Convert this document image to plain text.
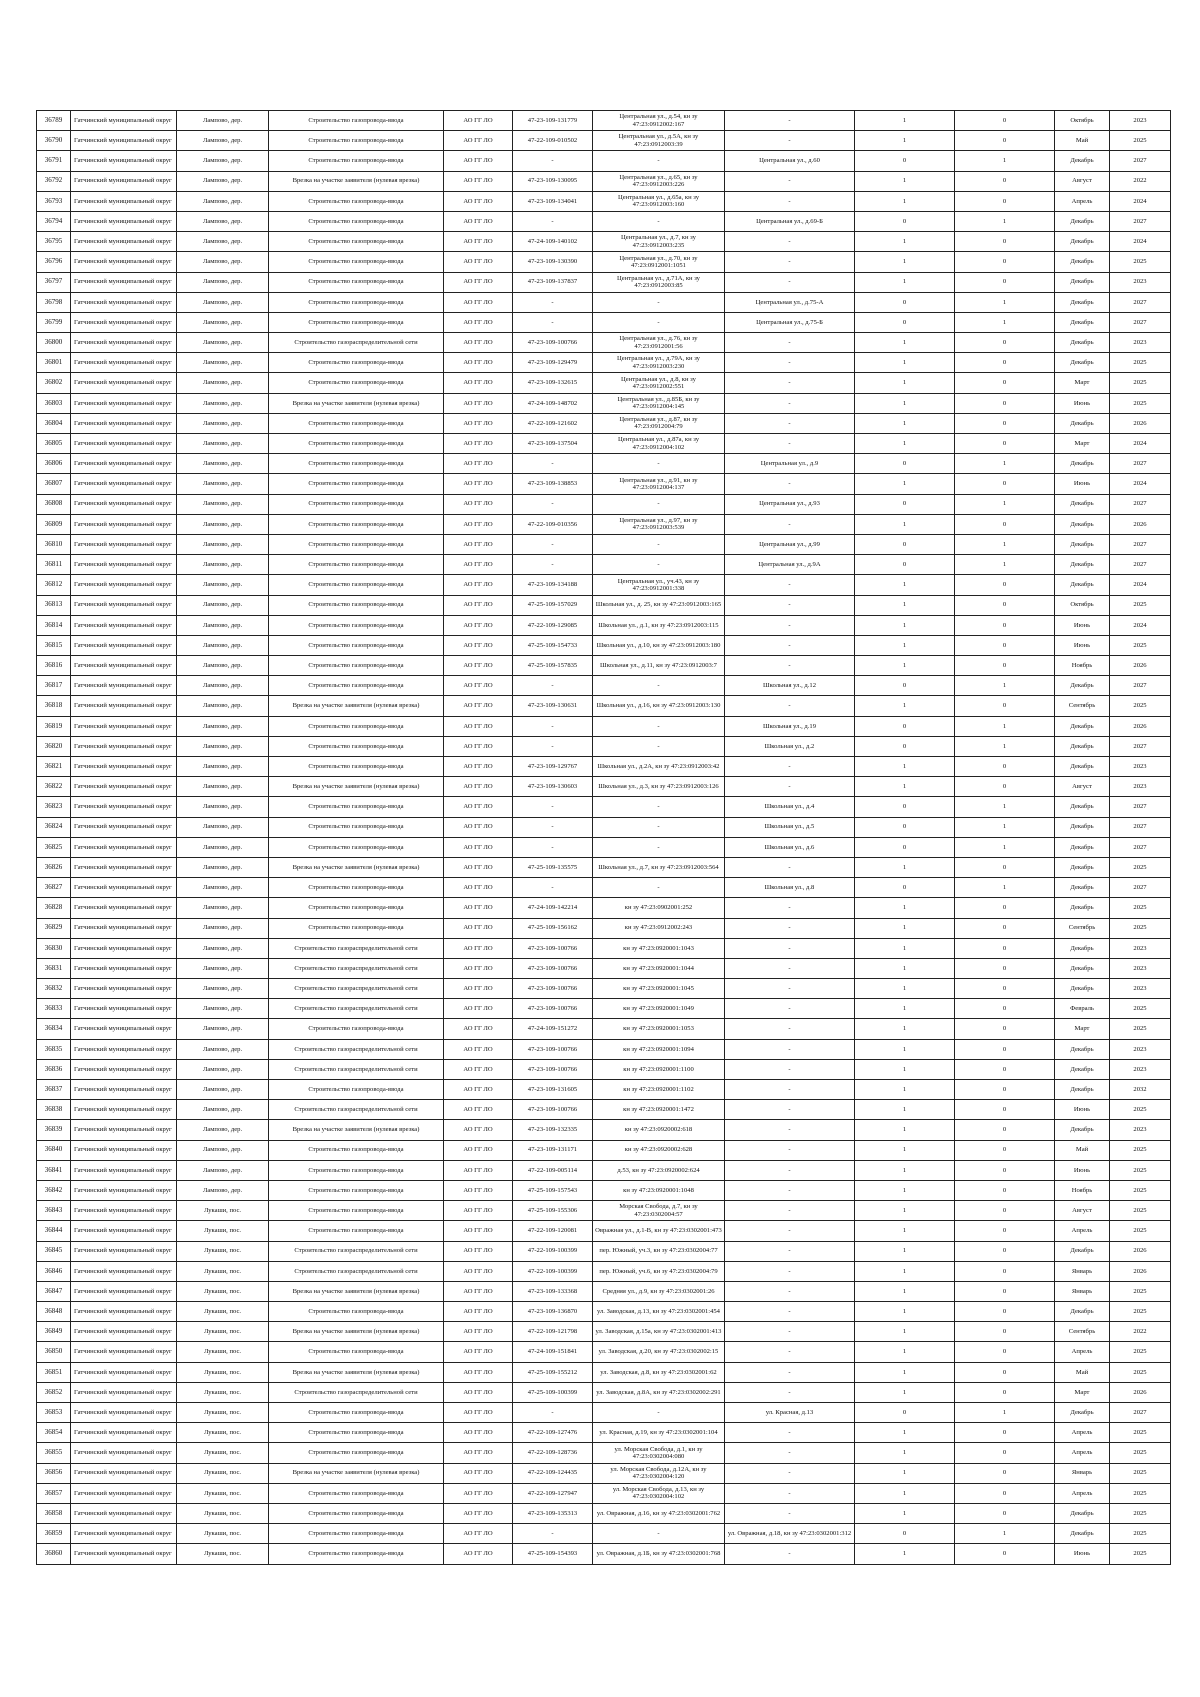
36789	Гатчинский муниципальный округ	Лампово, дер.	Строительство газопровода-ввода	АО ГГ ЛО	47-23-109-131779	Центральная ул., д.54, кн зу 47:23:0912002:167	-	1	0	Октябрь	2023
36790	Гатчинский муниципальный округ	Лампово, дер.	Строительство газопровода-ввода	АО ГГ ЛО	47-22-109-010502	Центральная ул., д.5А, кн зу 47:23:0912003:39	-	1	0	Май	2025
36791	Гатчинский муниципальный округ	Лампово, дер.	Строительство газопровода-ввода	АО ГГ ЛО	-	-	Центральная ул., д.60	0	1	Декабрь	2027
36792	Гатчинский муниципальный округ	Лампово, дер.	Врезка на участке заявителя (нулевая врезка)	АО ГГ ЛО	47-23-109-130095	Центральная ул., д.65, кн зу 47:23:0912003:226	-	1	0	Август	2022
36793	Гатчинский муниципальный округ	Лампово, дер.	Строительство газопровода-ввода	АО ГГ ЛО	47-23-109-134041	Центральная ул., д.65а, кн зу 47:23:0912003:160	-	1	0	Апрель	2024
36794	Гатчинский муниципальный округ	Лампово, дер.	Строительство газопровода-ввода	АО ГГ ЛО	-	-	Центральная ул., д.69-Б	0	1	Декабрь	2027
36795	Гатчинский муниципальный округ	Лампово, дер.	Строительство газопровода-ввода	АО ГГ ЛО	47-24-109-140102	Центральная ул., д.7, кн зу 47:23:0912003:235	-	1	0	Декабрь	2024
36796	Гатчинский муниципальный округ	Лампово, дер.	Строительство газопровода-ввода	АО ГГ ЛО	47-23-109-130390	Центральная ул., д.70, кн зу 47:23:0912001:1051	-	1	0	Декабрь	2025
36797	Гатчинский муниципальный округ	Лампово, дер.	Строительство газопровода-ввода	АО ГГ ЛО	47-23-109-137837	Центральная ул., д.71А, кн зу 47:23:0912003:85	-	1	0	Декабрь	2023
36798	Гатчинский муниципальный округ	Лампово, дер.	Строительство газопровода-ввода	АО ГГ ЛО	-	-	Центральная ул., д.75-А	0	1	Декабрь	2027
36799	Гатчинский муниципальный округ	Лампово, дер.	Строительство газопровода-ввода	АО ГГ ЛО	-	-	Центральная ул., д.75-Б	0	1	Декабрь	2027
36800	Гатчинский муниципальный округ	Лампово, дер.	Строительство газораспределительной сети	АО ГГ ЛО	47-23-109-100766	Центральная ул., д.76, кн зу 47:23:0912001:56	-	1	0	Декабрь	2023
36801	Гатчинский муниципальный округ	Лампово, дер.	Строительство газопровода-ввода	АО ГГ ЛО	47-23-109-129479	Центральная ул., д.79А, кн зу 47:23:0912003:230	-	1	0	Декабрь	2025
36802	Гатчинский муниципальный округ	Лампово, дер.	Строительство газопровода-ввода	АО ГГ ЛО	47-23-109-132615	Центральная ул., д.8, кн зу 47:23:0912002:551	-	1	0	Март	2025
36803	Гатчинский муниципальный округ	Лампово, дер.	Врезка на участке заявителя (нулевая врезка)	АО ГГ ЛО	47-24-109-148702	Центральная ул., д.85Б, кн зу 47:23:0912004:145	-	1	0	Июнь	2025
36804	Гатчинский муниципальный округ	Лампово, дер.	Строительство газопровода-ввода	АО ГГ ЛО	47-22-109-121602	Центральная ул., д.87, кн зу 47:23:0912004:79	-	1	0	Декабрь	2026
36805	Гатчинский муниципальный округ	Лампово, дер.	Строительство газопровода-ввода	АО ГГ ЛО	47-23-109-137504	Центральная ул., д.87а, кн зу 47:23:0912004:102	-	1	0	Март	2024
36806	Гатчинский муниципальный округ	Лампово, дер.	Строительство газопровода-ввода	АО ГГ ЛО	-	-	Центральная ул., д.9	0	1	Декабрь	2027
36807	Гатчинский муниципальный округ	Лампово, дер.	Строительство газопровода-ввода	АО ГГ ЛО	47-23-109-138853	Центральная ул., д.91, кн зу 47:23:0912004:137	-	1	0	Июнь	2024
36808	Гатчинский муниципальный округ	Лампово, дер.	Строительство газопровода-ввода	АО ГГ ЛО	-	-	Центральная ул., д.93	0	1	Декабрь	2027
36809	Гатчинский муниципальный округ	Лампово, дер.	Строительство газопровода-ввода	АО ГГ ЛО	47-22-109-010356	Центральная ул., д.97, кн зу 47:23:0912003:539	-	1	0	Декабрь	2026
36810	Гатчинский муниципальный округ	Лампово, дер.	Строительство газопровода-ввода	АО ГГ ЛО	-	-	Центральная ул., д.99	0	1	Декабрь	2027
36811	Гатчинский муниципальный округ	Лампово, дер.	Строительство газопровода-ввода	АО ГГ ЛО	-	-	Центральная ул., д.9А	0	1	Декабрь	2027
36812	Гатчинский муниципальный округ	Лампово, дер.	Строительство газопровода-ввода	АО ГГ ЛО	47-23-109-134188	Центральная ул., уч.43, кн зу 47:23:0912001:338	-	1	0	Декабрь	2024
36813	Гатчинский муниципальный округ	Лампово, дер.	Строительство газопровода-ввода	АО ГГ ЛО	47-25-109-157029	Школьная ул., д. 25, кн зу 47:23:0912003:165	-	1	0	Октябрь	2025
36814	Гатчинский муниципальный округ	Лампово, дер.	Строительство газопровода-ввода	АО ГГ ЛО	47-22-109-129085	Школьная ул., д.1, кн зу 47:23:0912003:115	-	1	0	Июнь	2024
36815	Гатчинский муниципальный округ	Лампово, дер.	Строительство газопровода-ввода	АО ГГ ЛО	47-25-109-154733	Школьная ул., д.10, кн зу 47:23:0912003:180	-	1	0	Июнь	2025
36816	Гатчинский муниципальный округ	Лампово, дер.	Строительство газопровода-ввода	АО ГГ ЛО	47-25-109-157835	Школьная ул., д.11, кн зу 47:23:0912003:7	-	1	0	Ноябрь	2026
36817	Гатчинский муниципальный округ	Лампово, дер.	Строительство газопровода-ввода	АО ГГ ЛО	-	-	Школьная ул., д.12	0	1	Декабрь	2027
36818	Гатчинский муниципальный округ	Лампово, дер.	Врезка на участке заявителя (нулевая врезка)	АО ГГ ЛО	47-23-109-130631	Школьная ул., д.16, кн зу 47:23:0912003:130	-	1	0	Сентябрь	2025
36819	Гатчинский муниципальный округ	Лампово, дер.	Строительство газопровода-ввода	АО ГГ ЛО	-	-	Школьная ул., д.19	0	1	Декабрь	2026
36820	Гатчинский муниципальный округ	Лампово, дер.	Строительство газопровода-ввода	АО ГГ ЛО	-	-	Школьная ул., д.2	0	1	Декабрь	2027
36821	Гатчинский муниципальный округ	Лампово, дер.	Строительство газопровода-ввода	АО ГГ ЛО	47-23-109-129767	Школьная ул., д.2А, кн зу 47:23:0912003:42	-	1	0	Декабрь	2023
36822	Гатчинский муниципальный округ	Лампово, дер.	Врезка на участке заявителя (нулевая врезка)	АО ГГ ЛО	47-23-109-130603	Школьная ул., д.3, кн зу 47:23:0912003:126	-	1	0	Август	2023
36823	Гатчинский муниципальный округ	Лампово, дер.	Строительство газопровода-ввода	АО ГГ ЛО	-	-	Школьная ул., д.4	0	1	Декабрь	2027
36824	Гатчинский муниципальный округ	Лампово, дер.	Строительство газопровода-ввода	АО ГГ ЛО	-	-	Школьная ул., д.5	0	1	Декабрь	2027
36825	Гатчинский муниципальный округ	Лампово, дер.	Строительство газопровода-ввода	АО ГГ ЛО	-	-	Школьная ул., д.6	0	1	Декабрь	2027
36826	Гатчинский муниципальный округ	Лампово, дер.	Врезка на участке заявителя (нулевая врезка)	АО ГГ ЛО	47-25-109-135575	Школьная ул., д.7, кн зу 47:23:0912003:564	-	1	0	Декабрь	2025
36827	Гатчинский муниципальный округ	Лампово, дер.	Строительство газопровода-ввода	АО ГГ ЛО	-	-	Школьная ул., д.8	0	1	Декабрь	2027
36828	Гатчинский муниципальный округ	Лампово, дер.	Строительство газопровода-ввода	АО ГГ ЛО	47-24-109-142214	кн зу 47:23:0902001:252	-	1	0	Декабрь	2025
36829	Гатчинский муниципальный округ	Лампово, дер.	Строительство газопровода-ввода	АО ГГ ЛО	47-25-109-156162	кн зу 47:23:0912002:243	-	1	0	Сентябрь	2025
36830	Гатчинский муниципальный округ	Лампово, дер.	Строительство газораспределительной сети	АО ГГ ЛО	47-23-109-100766	кн зу 47:23:0920001:1043	-	1	0	Декабрь	2023
36831	Гатчинский муниципальный округ	Лампово, дер.	Строительство газораспределительной сети	АО ГГ ЛО	47-23-109-100766	кн зу 47:23:0920001:1044	-	1	0	Декабрь	2023
36832	Гатчинский муниципальный округ	Лампово, дер.	Строительство газораспределительной сети	АО ГГ ЛО	47-23-109-100766	кн зу 47:23:0920001:1045	-	1	0	Декабрь	2023
36833	Гатчинский муниципальный округ	Лампово, дер.	Строительство газораспределительной сети	АО ГГ ЛО	47-23-109-100766	кн зу 47:23:0920001:1049	-	1	0	Февраль	2025
36834	Гатчинский муниципальный округ	Лампово, дер.	Строительство газопровода-ввода	АО ГГ ЛО	47-24-109-151272	кн зу 47:23:0920001:1053	-	1	0	Март	2025
36835	Гатчинский муниципальный округ	Лампово, дер.	Строительство газораспределительной сети	АО ГГ ЛО	47-23-109-100766	кн зу 47:23:0920001:1094	-	1	0	Декабрь	2023
36836	Гатчинский муниципальный округ	Лампово, дер.	Строительство газораспределительной сети	АО ГГ ЛО	47-23-109-100766	кн зу 47:23:0920001:1100	-	1	0	Декабрь	2023
36837	Гатчинский муниципальный округ	Лампово, дер.	Строительство газопровода-ввода	АО ГГ ЛО	47-23-109-131605	кн зу 47:23:0920001:1102	-	1	0	Декабрь	2032
36838	Гатчинский муниципальный округ	Лампово, дер.	Строительство газораспределительной сети	АО ГГ ЛО	47-23-109-100766	кн зу 47:23:0920001:1472	-	1	0	Июнь	2025
36839	Гатчинский муниципальный округ	Лампово, дер.	Врезка на участке заявителя (нулевая врезка)	АО ГГ ЛО	47-23-109-132335	кн зу 47:23:0920002:618	-	1	0	Декабрь	2023
36840	Гатчинский муниципальный округ	Лампово, дер.	Строительство газопровода-ввода	АО ГГ ЛО	47-23-109-131171	кн зу 47:23:0920002:628	-	1	0	Май	2025
36841	Гатчинский муниципальный округ	Лампово, дер.	Строительство газопровода-ввода	АО ГГ ЛО	47-22-109-005114	д.53, кн зу 47:23:0920002:624	-	1	0	Июнь	2025
36842	Гатчинский муниципальный округ	Лампово, дер.	Строительство газопровода-ввода	АО ГГ ЛО	47-25-109-157543	кн зу 47:23:0920001:1048	-	1	0	Ноябрь	2025
36843	Гатчинский муниципальный округ	Лукаши, пос.	Строительство газопровода-ввода	АО ГГ ЛО	47-25-109-155306	Морская Свобода, д.7, кн зу 47:23:0302004:57	-	1	0	Август	2025
36844	Гатчинский муниципальный округ	Лукаши, пос.	Строительство газопровода-ввода	АО ГГ ЛО	47-22-109-120081	Овражная ул., д.1-В, кн зу 47:23:0302001:473	-	1	0	Апрель	2025
36845	Гатчинский муниципальный округ	Лукаши, пос.	Строительство газораспределительной сети	АО ГГ ЛО	47-22-109-100399	пер. Южный, уч.3, кн зу 47:23:0302004:77	-	1	0	Декабрь	2026
36846	Гатчинский муниципальный округ	Лукаши, пос.	Строительство газораспределительной сети	АО ГГ ЛО	47-22-109-100399	пер. Южный, уч.6, кн зу 47:23:0302004:79	-	1	0	Январь	2026
36847	Гатчинский муниципальный округ	Лукаши, пос.	Врезка на участке заявителя (нулевая врезка)	АО ГГ ЛО	47-23-109-133368	Средняя ул., д.9, кн зу 47:23:0302001:26	-	1	0	Январь	2025
36848	Гатчинский муниципальный округ	Лукаши, пос.	Строительство газопровода-ввода	АО ГГ ЛО	47-23-109-136870	ул. Заводская, д.13, кн зу 47:23:0302001:454	-	1	0	Декабрь	2025
36849	Гатчинский муниципальный округ	Лукаши, пос.	Врезка на участке заявителя (нулевая врезка)	АО ГГ ЛО	47-22-109-121798	ул. Заводская, д.15а, кн зу 47:23:0302001:413	-	1	0	Сентябрь	2022
36850	Гатчинский муниципальный округ	Лукаши, пос.	Строительство газопровода-ввода	АО ГГ ЛО	47-24-109-151841	ул. Заводская, д.20, кн зу 47:23:0302002:15	-	1	0	Апрель	2025
36851	Гатчинский муниципальный округ	Лукаши, пос.	Врезка на участке заявителя (нулевая врезка)	АО ГГ ЛО	47-25-109-155212	ул. Заводская, д.8, кн зу 47:23:0302001:62	-	1	0	Май	2025
36852	Гатчинский муниципальный округ	Лукаши, пос.	Строительство газораспределительной сети	АО ГГ ЛО	47-25-109-100399	ул. Заводская, д.8А, кн зу 47:23:0302002:291	-	1	0	Март	2026
36853	Гатчинский муниципальный округ	Лукаши, пос.	Строительство газопровода-ввода	АО ГГ ЛО	-	-	ул. Красная, д.13	0	1	Декабрь	2027
36854	Гатчинский муниципальный округ	Лукаши, пос.	Строительство газопровода-ввода	АО ГГ ЛО	47-22-109-127476	ул. Красная, д.19, кн зу 47:23:0302001:104	-	1	0	Апрель	2025
36855	Гатчинский муниципальный округ	Лукаши, пос.	Строительство газопровода-ввода	АО ГГ ЛО	47-22-109-128736	ул. Морская Свобода, д.1, кн зу 47:23:0302004:080	-	1	0	Апрель	2025
36856	Гатчинский муниципальный округ	Лукаши, пос.	Врезка на участке заявителя (нулевая врезка)	АО ГГ ЛО	47-22-109-124435	ул. Морская Свобода, д.12А, кн зу 47:23:0302004:120	-	1	0	Январь	2025
36857	Гатчинский муниципальный округ	Лукаши, пос.	Строительство газопровода-ввода	АО ГГ ЛО	47-22-109-127947	ул. Морская Свобода, д.13, кн зу 47:23:0302004:102	-	1	0	Апрель	2025
36858	Гатчинский муниципальный округ	Лукаши, пос.	Строительство газопровода-ввода	АО ГГ ЛО	47-23-109-135313	ул. Овражная, д.16, кн зу 47:23:0302001:762	-	1	0	Декабрь	2025
36859	Гатчинский муниципальный округ	Лукаши, пос.	Строительство газопровода-ввода	АО ГГ ЛО	-	-	ул. Овражная, д.18, кн зу 47:23:0302001:312	0	1	Декабрь	2025
36860	Гатчинский муниципальный округ	Лукаши, пос.	Строительство газопровода-ввода	АО ГГ ЛО	47-25-109-154393	ул. Овражная, д.1Б, кн зу 47:23:0302001:768	-	1	0	Июнь	2025
